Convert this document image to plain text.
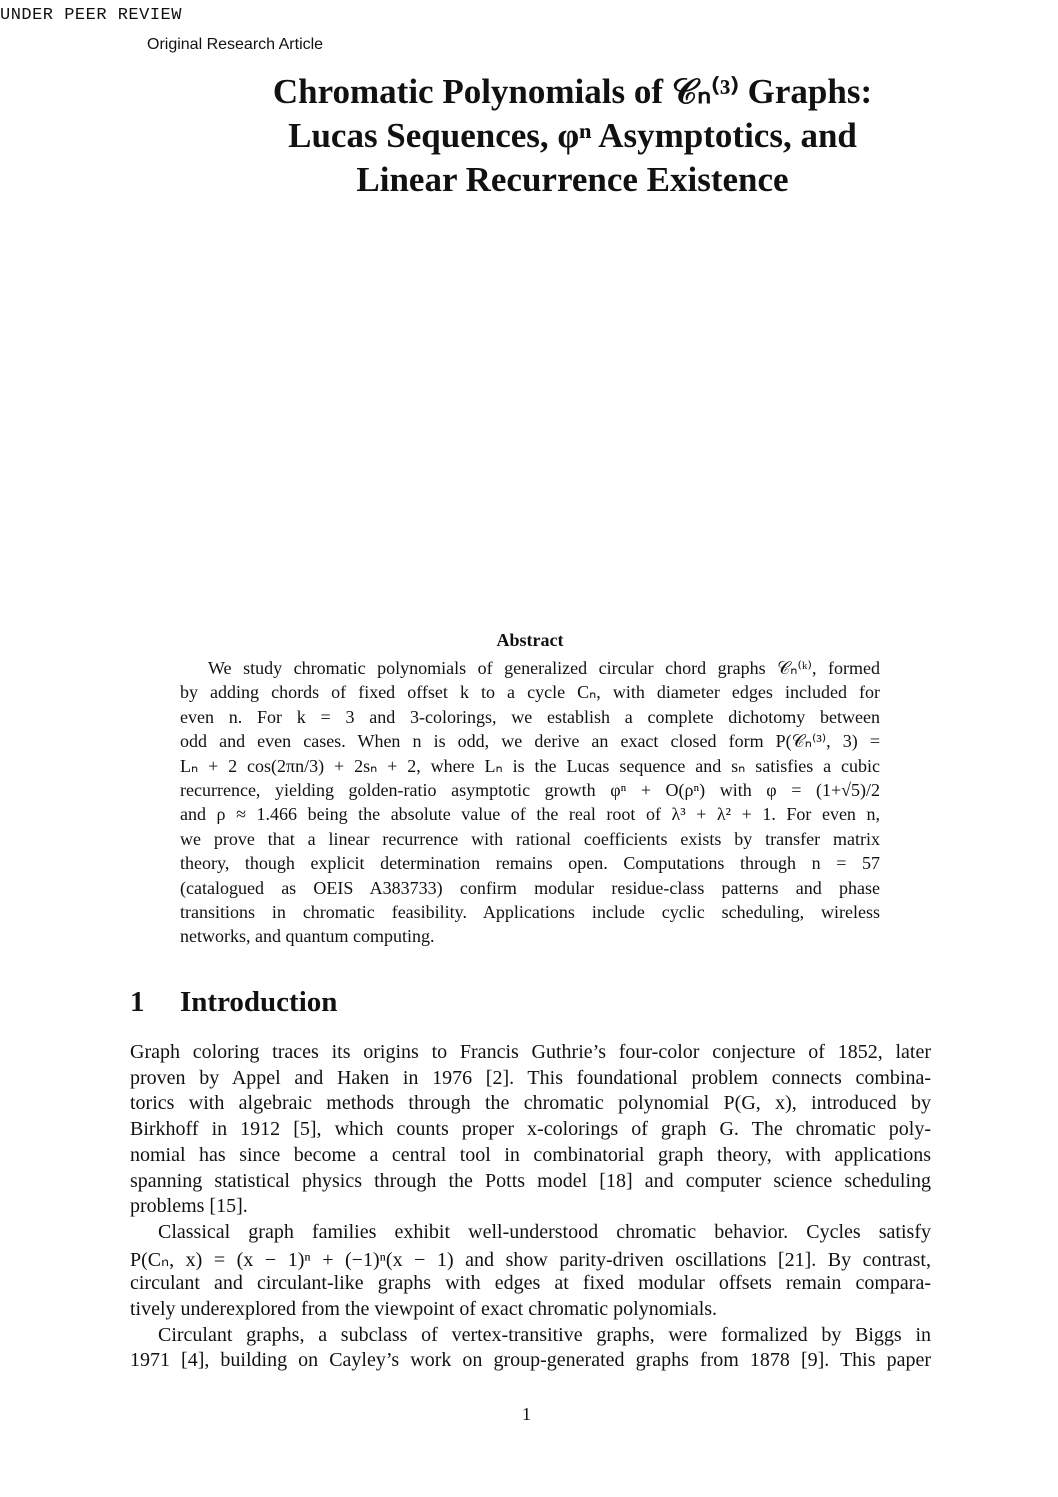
UNDER PEER REVIEW
Original Research Article
Chromatic Polynomials of 𝒞ₙ⁽³⁾ Graphs:
Lucas Sequences, φⁿ Asymptotics, and
Linear Recurrence Existence
Abstract
We study chromatic polynomials of generalized circular chord graphs 𝒞ₙ⁽ᵏ⁾, formed
by adding chords of fixed offset k to a cycle Cₙ, with diameter edges included for
even n. For k = 3 and 3-colorings, we establish a complete dichotomy between
odd and even cases. When n is odd, we derive an exact closed form P(𝒞ₙ⁽³⁾, 3) =
Lₙ + 2 cos(2πn/3) + 2sₙ + 2, where Lₙ is the Lucas sequence and sₙ satisfies a cubic
recurrence, yielding golden-ratio asymptotic growth φⁿ + O(ρⁿ) with φ = (1+√5)/2
and ρ ≈ 1.466 being the absolute value of the real root of λ³ + λ² + 1. For even n,
we prove that a linear recurrence with rational coefficients exists by transfer matrix
theory, though explicit determination remains open. Computations through n = 57
(catalogued as OEIS A383733) confirm modular residue-class patterns and phase
transitions in chromatic feasibility. Applications include cyclic scheduling, wireless
networks, and quantum computing.
1 Introduction
Graph coloring traces its origins to Francis Guthrie’s four-color conjecture of 1852, later
proven by Appel and Haken in 1976 [2]. This foundational problem connects combina-
torics with algebraic methods through the chromatic polynomial P(G, x), introduced by
Birkhoff in 1912 [5], which counts proper x-colorings of graph G. The chromatic poly-
nomial has since become a central tool in combinatorial graph theory, with applications
spanning statistical physics through the Potts model [18] and computer science scheduling
problems [15].
Classical graph families exhibit well-understood chromatic behavior. Cycles satisfy
P(Cₙ, x) = (x − 1)ⁿ + (−1)ⁿ(x − 1) and show parity-driven oscillations [21]. By contrast,
circulant and circulant-like graphs with edges at fixed modular offsets remain compara-
tively underexplored from the viewpoint of exact chromatic polynomials.
Circulant graphs, a subclass of vertex-transitive graphs, were formalized by Biggs in
1971 [4], building on Cayley’s work on group-generated graphs from 1878 [9]. This paper
1
